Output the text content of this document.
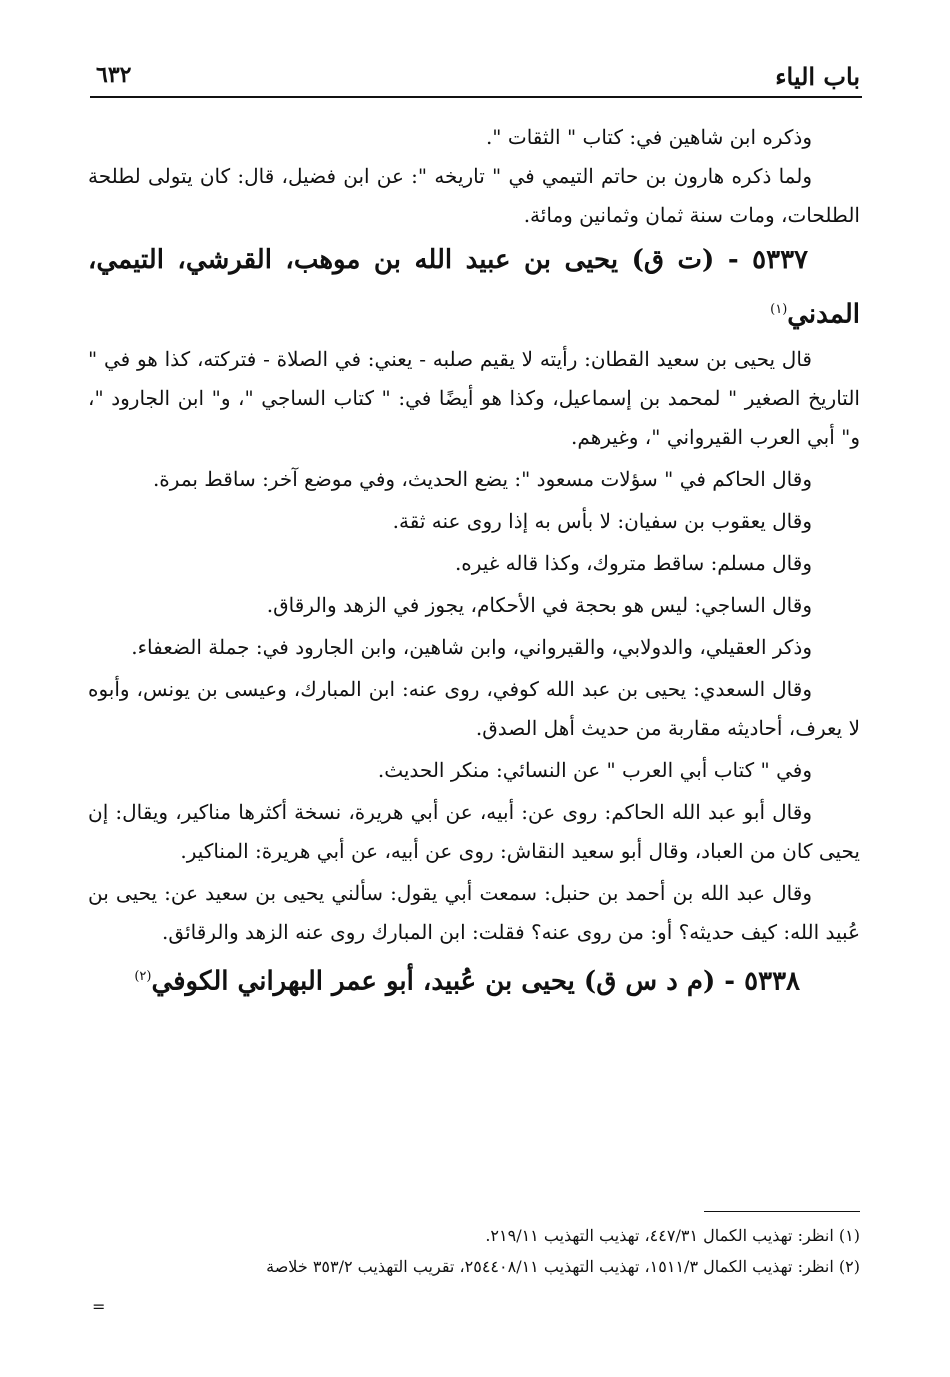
باب الياء
٦٣٢

وذكره ابن شاهين في: كتاب " الثقات ".

ولما ذكره هارون بن حاتم التيمي في " تاريخه ": عن ابن فضيل، قال: كان يتولى لطلحة الطلحات، ومات سنة ثمان وثمانين ومائة.

٥٣٣٧ - (ت ق) يحيى بن عبيد الله بن موهب، القرشي، التيمي، المدني$^{(١)}$

قال يحيى بن سعيد القطان: رأيته لا يقيم صلبه - يعني: في الصلاة - فتركته، كذا هو في " التاريخ الصغير " لمحمد بن إسماعيل، وكذا هو أيضًا في: " كتاب الساجي "، و" ابن الجارود "، و" أبي العرب القيرواني "، وغيرهم.

وقال الحاكم في " سؤلات مسعود ": يضع الحديث، وفي موضع آخر: ساقط بمرة.

وقال يعقوب بن سفيان: لا بأس به إذا روى عنه ثقة.

وقال مسلم: ساقط متروك، وكذا قاله غيره.

وقال الساجي: ليس هو بحجة في الأحكام، يجوز في الزهد والرقاق.

وذكر العقيلي، والدولابي، والقيرواني، وابن شاهين، وابن الجارود في: جملة الضعفاء.

وقال السعدي: يحيى بن عبد الله كوفي، روى عنه: ابن المبارك، وعيسى بن يونس، وأبوه لا يعرف، أحاديثه مقاربة من حديث أهل الصدق.

وفي " كتاب أبي العرب " عن النسائي: منكر الحديث.

وقال أبو عبد الله الحاكم: روى عن: أبيه، عن أبي هريرة، نسخة أكثرها مناكير، ويقال: إن يحيى كان من العباد، وقال أبو سعيد النقاش: روى عن أبيه، عن أبي هريرة: المناكير.

وقال عبد الله بن أحمد بن حنبل: سمعت أبي يقول: سألني يحيى بن سعيد عن: يحيى بن عُبيد الله: كيف حديثه؟ أو: من روى عنه؟ فقلت: ابن المبارك روى عنه الزهد والرقائق.

٥٣٣٨ - (م د س ق) يحيى بن عُبيد، أبو عمر البهراني الكوفي$^{(٢)}$

(١) انظر: تهذيب الكمال ٤٤٧/٣١، تهذيب التهذيب ٢١٩/١١.

(٢) انظر: تهذيب الكمال ١٥١١/٣، تهذيب التهذيب ٢٥٤٤٠٨/١١، تقريب التهذيب ٣٥٣/٢ خلاصة

=
